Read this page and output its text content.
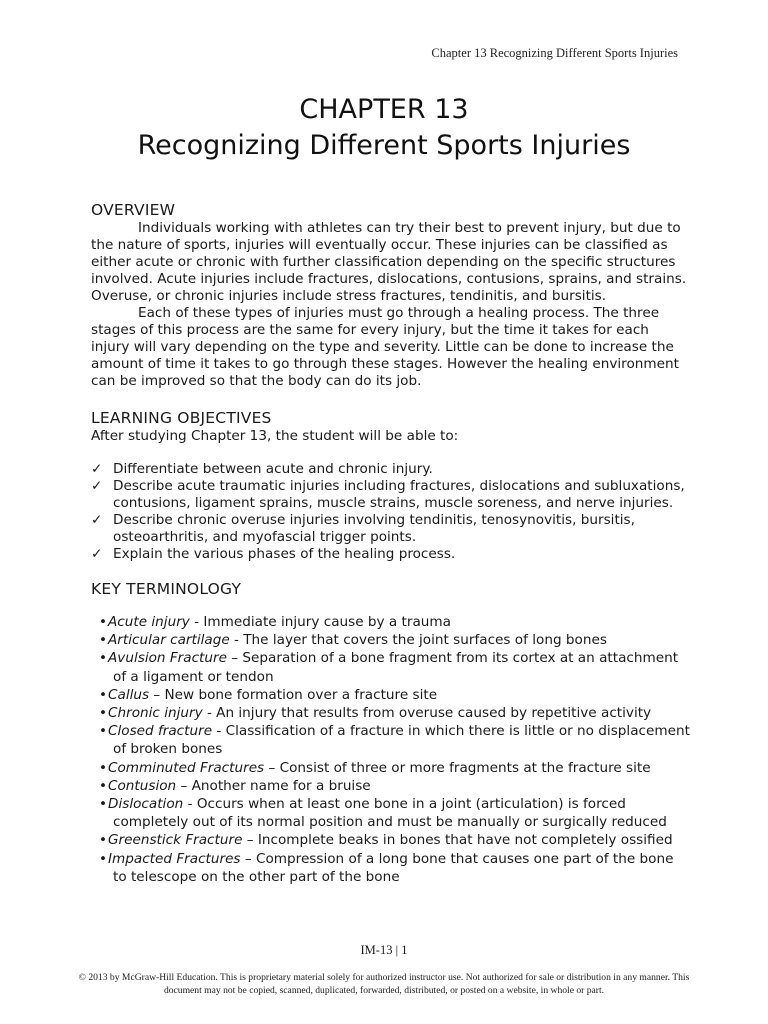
Chapter 13 Recognizing Different Sports Injuries
CHAPTER 13
Recognizing Different Sports Injuries
OVERVIEW

Individuals working with athletes can try their best to prevent injury, but due to the nature of sports, injuries will eventually occur. These injuries can be classified as either acute or chronic with further classification depending on the specific structures involved. Acute injuries include fractures, dislocations, contusions, sprains, and strains. Overuse, or chronic injuries include stress fractures, tendinitis, and bursitis.

Each of these types of injuries must go through a healing process. The three stages of this process are the same for every injury, but the time it takes for each injury will vary depending on the type and severity. Little can be done to increase the amount of time it takes to go through these stages. However the healing environment can be improved so that the body can do its job.

LEARNING OBJECTIVES

After studying Chapter 13, the student will be able to:

✓ Differentiate between acute and chronic injury.
✓ Describe acute traumatic injuries including fractures, dislocations and subluxations, contusions, ligament sprains, muscle strains, muscle soreness, and nerve injuries.
✓ Describe chronic overuse injuries involving tendinitis, tenosynovitis, bursitis, osteoarthritis, and myofascial trigger points.
✓ Explain the various phases of the healing process.
KEY TERMINOLOGY
•Acute injury - Immediate injury cause by a trauma
•Articular cartilage - The layer that covers the joint surfaces of long bones
•Avulsion Fracture – Separation of a bone fragment from its cortex at an attachment of a ligament or tendon
•Callus – New bone formation over a fracture site
•Chronic injury - An injury that results from overuse caused by repetitive activity
•Closed fracture - Classification of a fracture in which there is little or no displacement of broken bones
•Comminuted Fractures – Consist of three or more fragments at the fracture site
•Contusion – Another name for a bruise
•Dislocation - Occurs when at least one bone in a joint (articulation) is forced completely out of its normal position and must be manually or surgically reduced
•Greenstick Fracture – Incomplete beaks in bones that have not completely ossified
•Impacted Fractures – Compression of a long bone that causes one part of the bone to telescope on the other part of the bone
IM-13 | 1
© 2013 by McGraw-Hill Education. This is proprietary material solely for authorized instructor use. Not authorized for sale or distribution in any manner. This document may not be copied, scanned, duplicated, forwarded, distributed, or posted on a website, in whole or part.
